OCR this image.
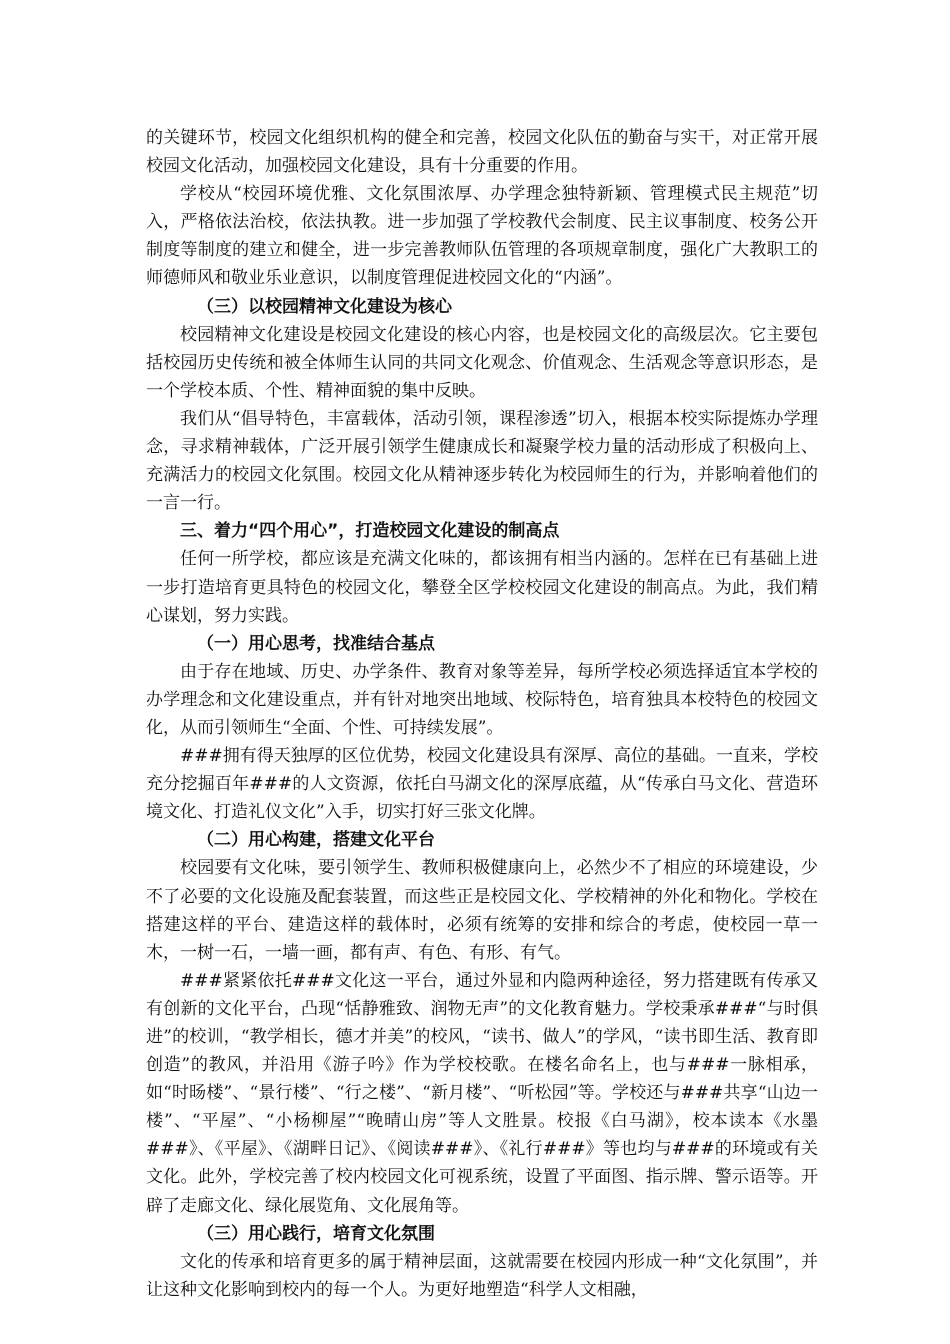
的关键环节，校园文化组织机构的健全和完善，校园文化队伍的勤奋与实干，对正常开展校园文化活动，加强校园文化建设，具有十分重要的作用。

学校从“校园环境优雅、文化氛围浓厚、办学理念独特新颖、管理模式民主规范”切入，严格依法治校，依法执教。进一步加强了学校教代会制度、民主议事制度、校务公开制度等制度的建立和健全，进一步完善教师队伍管理的各项规章制度，强化广大教职工的师德师风和敬业乐业意识，以制度管理促进校园文化的“内涵”。

（三）以校园精神文化建设为核心

校园精神文化建设是校园文化建设的核心内容，也是校园文化的高级层次。它主要包括校园历史传统和被全体师生认同的共同文化观念、价值观念、生活观念等意识形态，是一个学校本质、个性、精神面貌的集中反映。

我们从“倡导特色，丰富载体，活动引领，课程渗透”切入，根据本校实际提炼办学理念，寻求精神载体，广泛开展引领学生健康成长和凝聚学校力量的活动形成了积极向上、充满活力的校园文化氛围。校园文化从精神逐步转化为校园师生的行为，并影响着他们的一言一行。

三、着力“四个用心”，打造校园文化建设的制高点

任何一所学校，都应该是充满文化味的，都该拥有相当内涵的。怎样在已有基础上进一步打造培育更具特色的校园文化，攀登全区学校校园文化建设的制高点。为此，我们精心谋划，努力实践。

（一）用心思考，找准结合基点

由于存在地域、历史、办学条件、教育对象等差异，每所学校必须选择适宜本学校的办学理念和文化建设重点，并有针对地突出地域、校际特色，培育独具本校特色的校园文化，从而引领师生“全面、个性、可持续发展”。

###拥有得天独厚的区位优势，校园文化建设具有深厚、高位的基础。一直来，学校充分挖掘百年###的人文资源，依托白马湖文化的深厚底蕴，从“传承白马文化、营造环境文化、打造礼仪文化”入手，切实打好三张文化牌。

（二）用心构建，搭建文化平台

校园要有文化味，要引领学生、教师积极健康向上，必然少不了相应的环境建设，少不了必要的文化设施及配套装置，而这些正是校园文化、学校精神的外化和物化。学校在搭建这样的平台、建造这样的载体时，必须有统筹的安排和综合的考虑，使校园一草一木，一树一石，一墙一画，都有声、有色、有形、有气。

###紧紧依托###文化这一平台，通过外显和内隐两种途径，努力搭建既有传承又有创新的文化平台，凸现“恬静雅致、润物无声”的文化教育魅力。学校秉承###“与时俱进”的校训，“教学相长，德才并美”的校风，“读书、做人”的学风，“读书即生活、教育即创造”的教风，并沿用《游子吟》作为学校校歌。在楼名命名上，也与###一脉相承，如“时旸楼”、“景行楼”、“行之楼”、“新月楼”、“听松园”等。学校还与###共享“山边一楼”、“平屋”、“小杨柳屋”“晚晴山房”等人文胜景。校报《白马湖》，校本读本《水墨###》、《平屋》、《湖畔日记》、《阅读###》、《礼行###》等也均与###的环境或有关文化。此外，学校完善了校内校园文化可视系统，设置了平面图、指示牌、警示语等。开辟了走廊文化、绿化展览角、文化展角等。

（三）用心践行，培育文化氛围

文化的传承和培育更多的属于精神层面，这就需要在校园内形成一种“文化氛围”，并让这种文化影响到校内的每一个人。为更好地塑造“科学人文相融，
